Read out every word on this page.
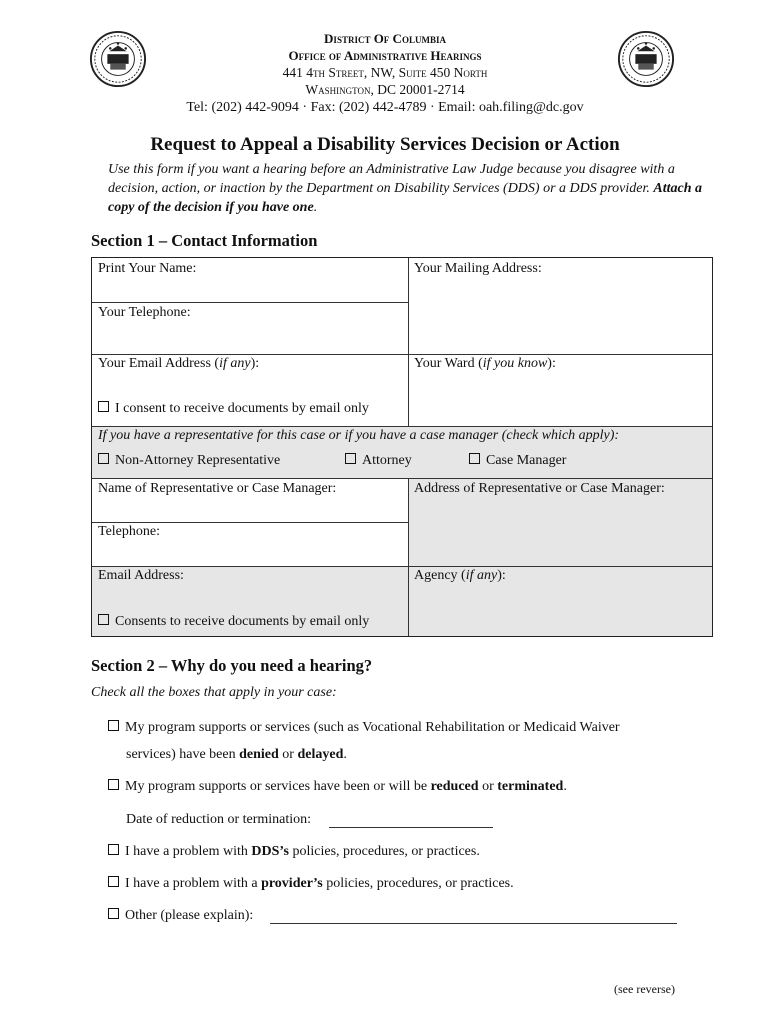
District Of Columbia
Office of Administrative Hearings
441 4th Street, NW, Suite 450 North
Washington, DC 20001-2714
Tel: (202) 442-9094 · Fax: (202) 442-4789 · Email: oah.filing@dc.gov
Request to Appeal a Disability Services Decision or Action
Use this form if you want a hearing before an Administrative Law Judge because you disagree with a decision, action, or inaction by the Department on Disability Services (DDS) or a DDS provider. Attach a copy of the decision if you have one.
Section 1 – Contact Information
Print Your Name:	Your Mailing Address:
Your Telephone:
Your Email Address (if any):	Your Ward (if you know):
I consent to receive documents by email only
If you have a representative for this case or if you have a case manager (check which apply):
Non-Attorney Representative	Attorney	Case Manager
Name of Representative or Case Manager:	Address of Representative or Case Manager:
Telephone:
Email Address:	Agency (if any):
Consents to receive documents by email only
Section 2 – Why do you need a hearing?
Check all the boxes that apply in your case:
My program supports or services (such as Vocational Rehabilitation or Medicaid Waiver
services) have been denied or delayed.
My program supports or services have been or will be reduced or terminated.
Date of reduction or termination:
I have a problem with DDS’s policies, procedures, or practices.
I have a problem with a provider’s policies, procedures, or practices.
Other (please explain):
(see reverse)
